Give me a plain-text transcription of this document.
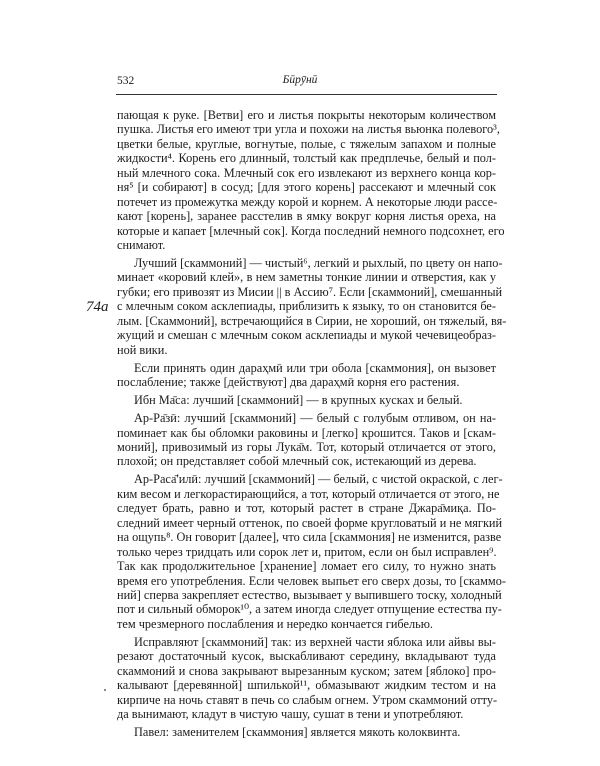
532	Бӣрӯнӣ
74a
пающая к руке. [Ветви] его и листья покрыты некоторым количеством
пушка. Листья его имеют три угла и похожи на листья вьюнка полевого³,
цветки белые, круглые, вогнутые, полые, с тяжелым запахом и полные
жидкости⁴. Корень его длинный, толстый как предплечье, белый и пол-
ный млечного сока. Млечный сок его извлекают из верхнего конца кор-
ня⁵ [и собирают] в сосуд; [для этого корень] рассекают и млечный сок
потечет из промежутка между корой и корнем. А некоторые люди рассе-
кают [корень], заранее расстелив в ямку вокруг корня листья ореха, на
которые и капает [млечный сок]. Когда последний немного подсохнет, его
снимают.
Лучший [скаммоний] — чистый⁶, легкий и рыхлый, по цвету он напо-
минает «коровий клей», в нем заметны тонкие линии и отверстия, как у
губки; его привозят из Мисии || в Ассию⁷. Если [скаммоний], смешанный
с млечным соком асклепиады, приблизить к языку, то он становится бе-
лым. [Скаммоний], встречающийся в Сирии, не хороший, он тяжелый, вя-
жущий и смешан с млечным соком асклепиады и мукой чечевицеобраз-
ной вики.
Если принять один дараҳмӣ или три обола [скаммония], он вызовет
послабление; также [действуют] два дараҳмӣ корня его растения.
Ибн Ма̄са: лучший [скаммоний] — в крупных кусках и белый.
Ар-Ра̄зӣ: лучший [скаммоний] — белый с голубым отливом, он на-
поминает как бы обломки раковины и [легко] крошится. Таков и [скам-
моний], привозимый из горы Лука̄м. Тот, который отличается от этого,
плохой; он представляет собой млечный сок, истекающий из дерева.
Ар-Раса̄'илӣ: лучший [скаммоний] — белый, с чистой окраской, с лег-
ким весом и легкорастирающийся, а тот, который отличается от этого, не
следует брать, равно и тот, который растет в стране Джара̄миқа. По-
следний имеет черный оттенок, по своей форме кругловатый и не мягкий
на ощупь⁸. Он говорит [далее], что сила [скаммония] не изменится, разве
только через тридцать или сорок лет и, притом, если он был исправлен⁹.
Так как продолжительное [хранение] ломает его силу, то нужно знать
время его употребления. Если человек выпьет его сверх дозы, то [скаммо-
ний] сперва закрепляет естество, вызывает у выпившего тоску, холодный
пот и сильный обморок¹⁰, а затем иногда следует отпущение естества пу-
тем чрезмерного послабления и нередко кончается гибелью.
Исправляют [скаммоний] так: из верхней части яблока или айвы вы-
резают достаточный кусок, выскабливают середину, вкладывают туда
скаммоний и снова закрывают вырезанным куском; затем [яблоко] про-
калывают [деревянной] шпилькой¹¹, обмазывают жидким тестом и на
кирпиче на ночь ставят в печь со слабым огнем. Утром скаммоний отту-
да вынимают, кладут в чистую чашу, сушат в тени и употребляют.
Павел: заменителем [скаммония] является мякоть колоквинта.
